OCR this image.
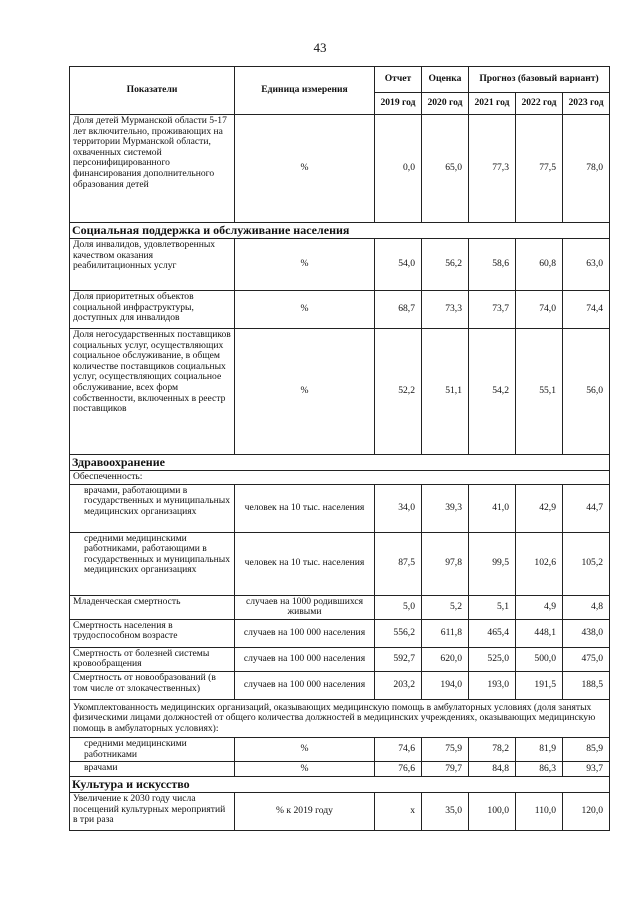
43
Показатели	Единица измерения	Отчет	Оценка	Прогноз (базовый вариант)		
		2019 год	2020 год	2021 год	2022 год	2023 год
Доля детей Мурманской области 5-17 лет включительно, проживающих на территории Мурманской области, охваченных системой персонифицированного финансирования дополнительного образования детей	%	0,0	65,0	77,3	77,5	78,0
Социальная поддержка и обслуживание населения						
Доля инвалидов, удовлетворенных качеством оказания реабилитационных услуг	%	54,0	56,2	58,6	60,8	63,0
Доля приоритетных объектов социальной инфраструктуры, доступных для инвалидов	%	68,7	73,3	73,7	74,0	74,4
Доля негосударственных поставщиков социальных услуг, осуществляющих социальное обслуживание, в общем количестве поставщиков социальных услуг, осуществляющих социальное обслуживание, всех форм собственности, включенных в реестр поставщиков	%	52,2	51,1	54,2	55,1	56,0
Здравоохранение						
Обеспеченность:						
врачами, работающими в государственных и муниципальных медицинских организациях	человек на 10 тыс. населения	34,0	39,3	41,0	42,9	44,7
средними медицинскими работниками, работающими в государственных и муниципальных медицинских организациях	человек на 10 тыс. населения	87,5	97,8	99,5	102,6	105,2
Младенческая смертность	случаев на 1000 родившихся живыми	5,0	5,2	5,1	4,9	4,8
Смертность населения в трудоспособном возрасте	случаев на 100 000 населения	556,2	611,8	465,4	448,1	438,0
Смертность от болезней системы кровообращения	случаев на 100 000 населения	592,7	620,0	525,0	500,0	475,0
Смертность от новообразований (в том числе от злокачественных)	случаев на 100 000 населения	203,2	194,0	193,0	191,5	188,5
Укомплектованность медицинских организаций, оказывающих медицинскую помощь в амбулаторных условиях (доля занятых физическими лицами должностей от общего количества должностей в медицинских учреждениях, оказывающих медицинскую помощь в амбулаторных условиях):						
средними медицинскими работниками	%	74,6	75,9	78,2	81,9	85,9
врачами	%	76,6	79,7	84,8	86,3	93,7
Культура и искусство						
Увеличение к 2030 году числа посещений культурных мероприятий в три раза	% к 2019 году	х	35,0	100,0	110,0	120,0
